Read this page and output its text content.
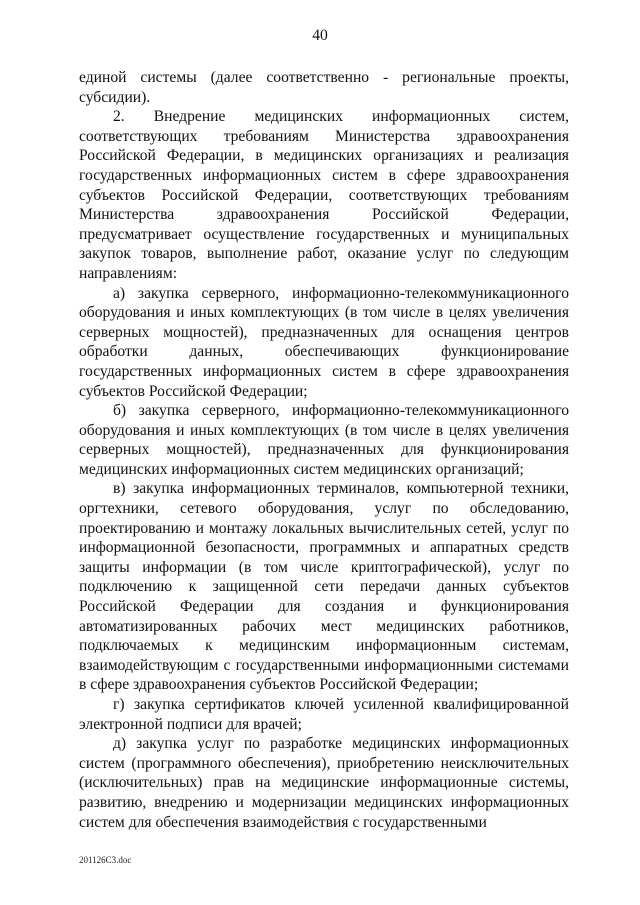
40

единой системы (далее соответственно - региональные проекты, субсидии).

2. Внедрение медицинских информационных систем, соответствующих требованиям Министерства здравоохранения Российской Федерации, в медицинских организациях и реализация государственных информационных систем в сфере здравоохранения субъектов Российской Федерации, соответствующих требованиям Министерства здравоохранения Российской Федерации, предусматривает осуществление государственных и муниципальных закупок товаров, выполнение работ, оказание услуг по следующим направлениям:

а) закупка серверного, информационно-телекоммуникационного оборудования и иных комплектующих (в том числе в целях увеличения серверных мощностей), предназначенных для оснащения центров обработки данных, обеспечивающих функционирование государственных информационных систем в сфере здравоохранения субъектов Российской Федерации;

б) закупка серверного, информационно-телекоммуникационного оборудования и иных комплектующих (в том числе в целях увеличения серверных мощностей), предназначенных для функционирования медицинских информационных систем медицинских организаций;

в) закупка информационных терминалов, компьютерной техники, оргтехники, сетевого оборудования, услуг по обследованию, проектированию и монтажу локальных вычислительных сетей, услуг по информационной безопасности, программных и аппаратных средств защиты информации (в том числе криптографической), услуг по подключению к защищенной сети передачи данных субъектов Российской Федерации для создания и функционирования автоматизированных рабочих мест медицинских работников, подключаемых к медицинским информационным системам, взаимодействующим с государственными информационными системами в сфере здравоохранения субъектов Российской Федерации;

г) закупка сертификатов ключей усиленной квалифицированной электронной подписи для врачей;

д) закупка услуг по разработке медицинских информационных систем (программного обеспечения), приобретению неисключительных (исключительных) прав на медицинские информационные системы, развитию, внедрению и модернизации медицинских информационных систем для обеспечения взаимодействия с государственными

201126С3.doc
